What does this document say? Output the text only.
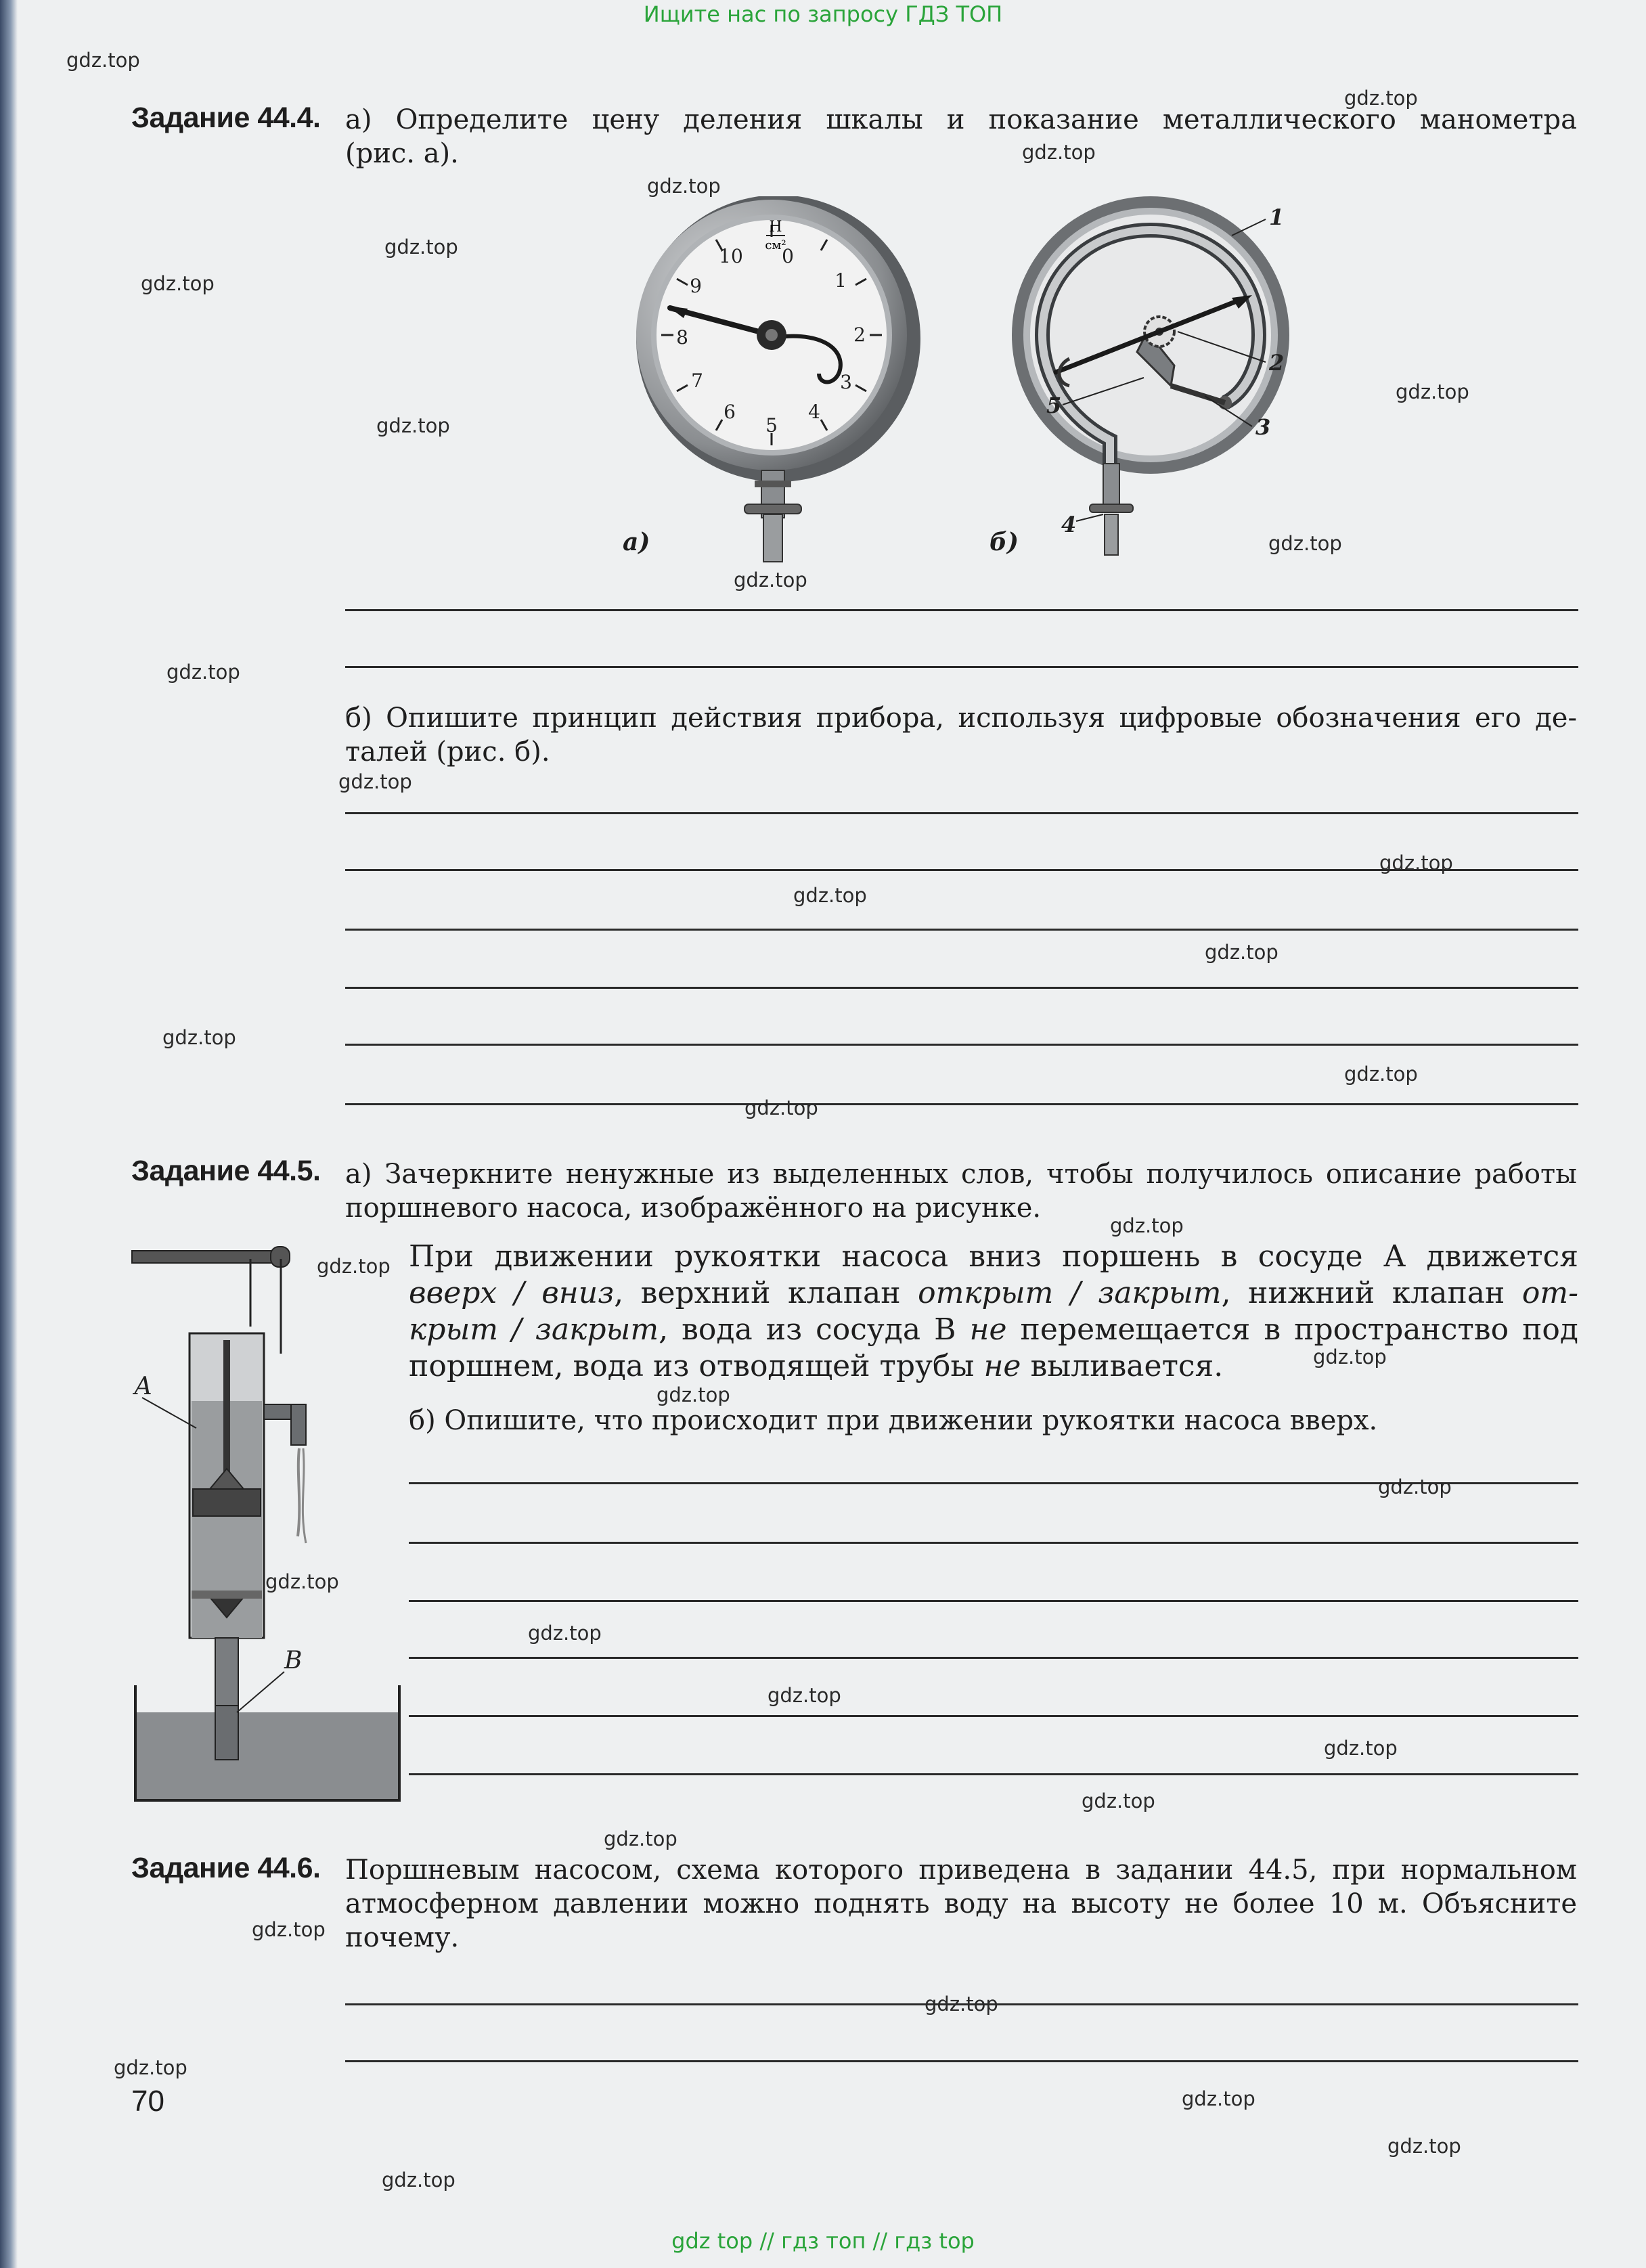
Ищите нас по запросу ГДЗ ТОП
gdz top // гдз топ // гдз top
gdz.top
gdz.top
gdz.top
gdz.top
gdz.top
gdz.top
gdz.top
gdz.top
gdz.top
gdz.top
gdz.top
gdz.top
gdz.top
gdz.top
gdz.top
gdz.top
gdz.top
gdz.top
gdz.top
gdz.top
gdz.top
gdz.top
gdz.top
gdz.top
gdz.top
gdz.top
gdz.top
gdz.top
gdz.top
gdz.top
gdz.top
gdz.top
gdz.top
gdz.top
gdz.top
Задание 44.4. а) Определите цену деления шкалы и показание металлического манометра
(рис. а).
0
1
2
3
4
5
6
7
8
9
10
Н
см²
а)
1
2
3
4
5
б)
б) Опишите принцип действия прибора, используя цифровые обозначения его де-
талей (рис. б).
Задание 44.5. а) Зачеркните ненужные из выделенных слов, чтобы получилось описание работы
поршневого насоса, изображённого на рисунке.
А
B
При движении рукоятки насоса вниз поршень в сосуде А движется
вверх / вниз, верхний клапан открыт / закрыт, нижний клапан от-
крыт / закрыт, вода из сосуда В не перемещается в пространство под
поршнем, вода из отводящей трубы не выливается.
б) Опишите, что происходит при движении рукоятки насоса вверх.
Задание 44.6. Поршневым насосом, схема которого приведена в задании 44.5, при нормальном
атмосферном давлении можно поднять воду на высоту не более 10 м. Объясните
почему.
70
